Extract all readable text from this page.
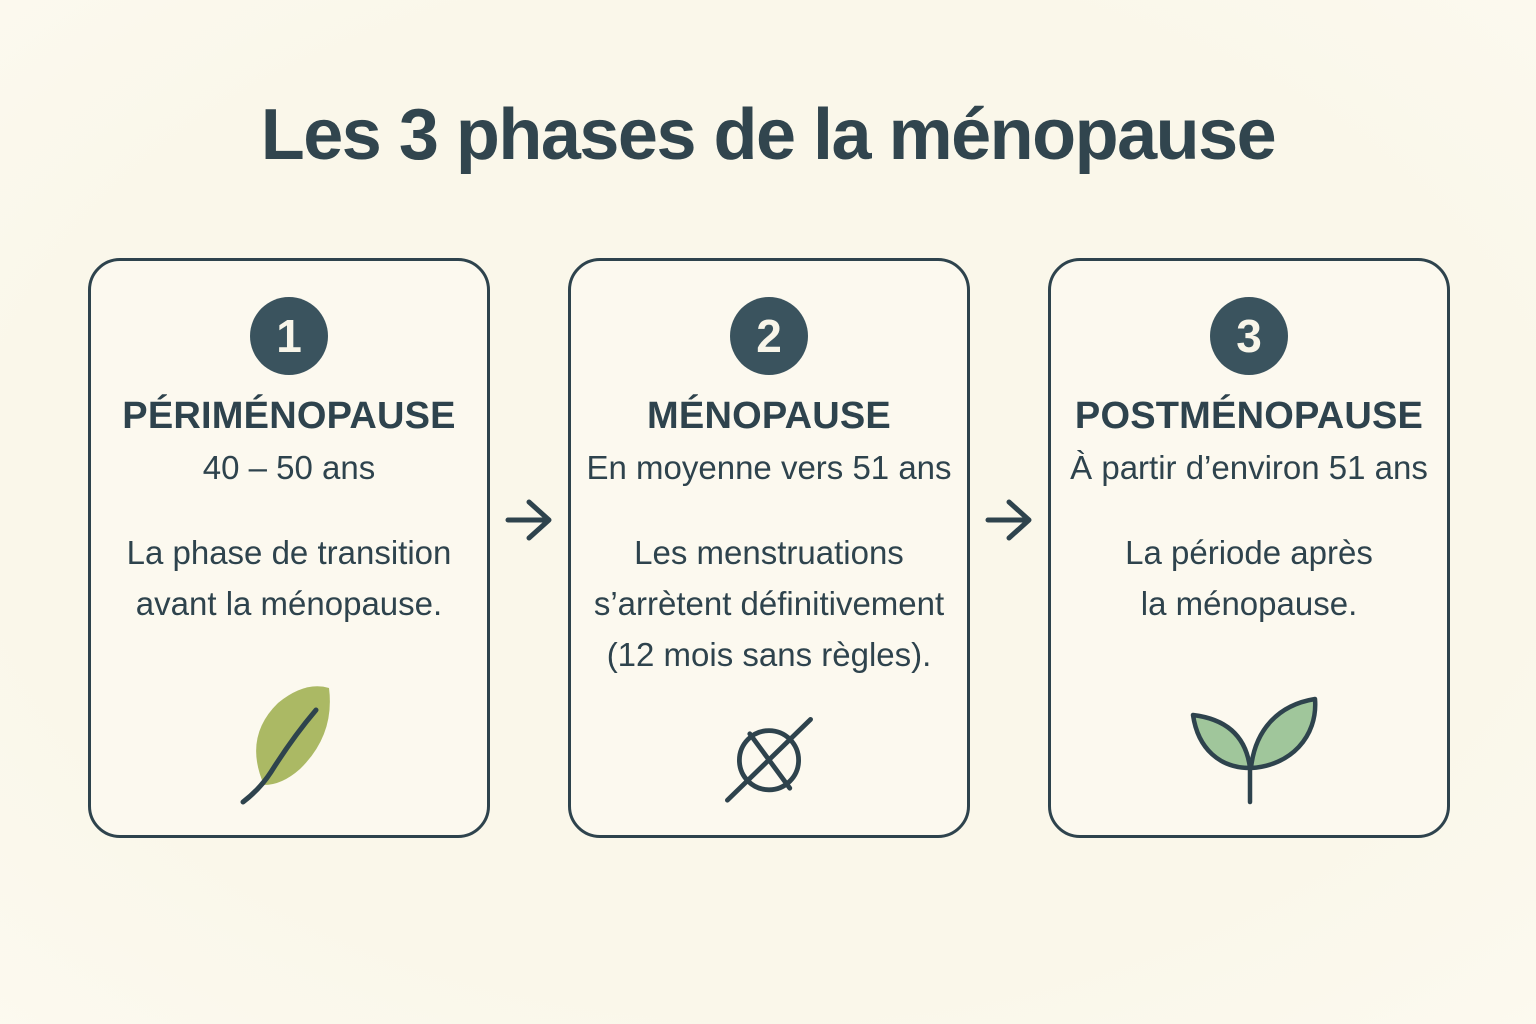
Les 3 phases de la ménopause
1
PÉRIMÉNOPAUSE
40 – 50 ans

La phase de transition
avant la ménopause.

2
MÉNOPAUSE
En moyenne vers 51 ans

Les menstruations
s’arrètent définitivement
(12 mois sans règles).

3
POSTMÉNOPAUSE
À partir d’environ 51 ans

La période après
la ménopause.
